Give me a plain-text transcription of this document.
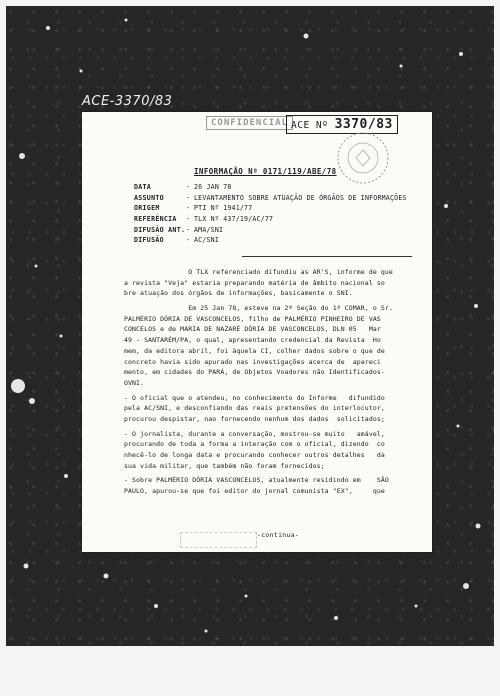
ACE-3370/83
CONFIDENCIAL ACE Nº 3370/83
INFORMAÇÃO Nº 0171/119/ABE/78
DATA	- 26 JAN 78
ASSUNTO	- LEVANTAMENTO SOBRE ATUAÇÃO DE ÓRGÃOS DE INFORMAÇÕES
ORIGEM	- PTI Nº 1941/77
REFERÊNCIA	- TLX Nº 437/19/AC/77
DIFUSÃO ANT. - AMA/SNI
DIFUSÃO	- AC/SNI
O TLX referenciado difundiu as AR'S, informe de que
a revista "Veja" estaria preparando matéria de âmbito nacional so
bre atuação dos órgãos de informações, basicamente o SNI.
Em 25 Jan 78, esteve na 2ª Seção do 1º COMAR, o Sr.
PALMÉRIO DÓRIA DE VASCONCELOS, filho de PALMÉRIO PINHEIRO DE VAS
CONCELOS e de MARIA DE NAZARÉ DÓRIA DE VASCONCELOS, DLN 05   Mar
49 - SANTARÉM/PA, o qual, apresentando credencial da Revista  Ho
mem, da editora abril, foi àquela CI, colher dados sobre o que de
concreto havia sido apurado nas investigações acerca de  apareci
mento, em cidades do PARÁ, de Objetos Voadores não Identificados-
OVNI.
- O oficial que o atendeu, no conhecimento do Informe   difundido
pela AC/SNI, e desconfiando das reais pretensões do interlocutor,
procurou despistar, nao fornecendo nenhum dos dados  solicitados;
- O jornalista, durante a conversação, mostrou-se muito   amável,
procurando de toda a forma a interação com o oficial, dizendo  co
nhecê-lo de longa data e procurando conhecer outros detalhes   da
sua vida militar, que também não foram fornecidos;
- Sobre PALMÉRIO DÓRIA VASCONCELOS, atualmente residindo em    SÃO
PAULO, apurou-se que foi editor do jornal comunista "EX",     que
-continua-
